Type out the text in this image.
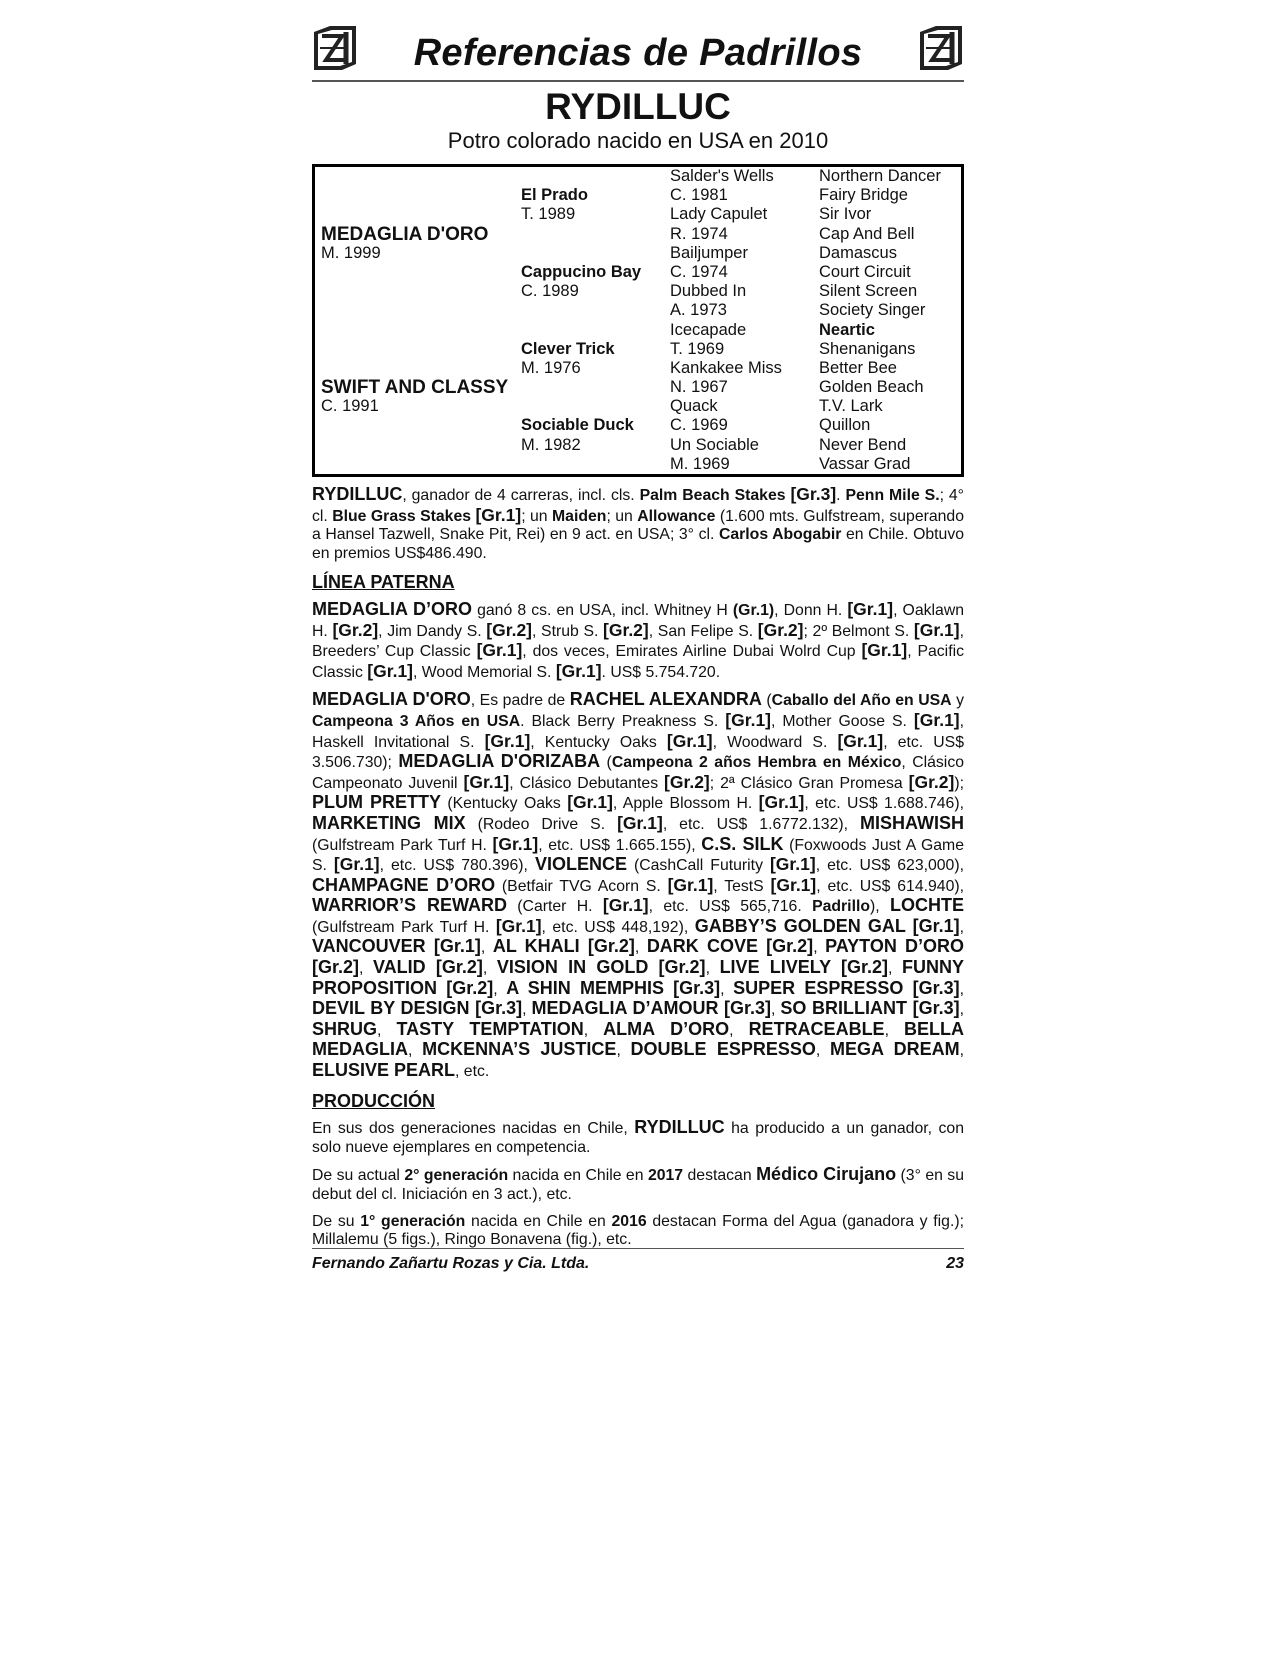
Referencias de Padrillos
RYDILLUC
Potro colorado nacido en USA en 2010
		Salder's Wells	Northern Dancer
	El Prado	C. 1981	Fairy Bridge
	T. 1989	Lady Capulet	Sir Ivor
MEDAGLIA D'ORO		R. 1974	Cap And Bell
M. 1999		Bailjumper	Damascus
	Cappucino Bay	C. 1974	Court Circuit
	C. 1989	Dubbed In	Silent Screen
		A. 1973	Society Singer
		Icecapade	Neartic
	Clever Trick	T. 1969	Shenanigans
	M. 1976	Kankakee Miss	Better Bee
SWIFT AND CLASSY		N. 1967	Golden Beach
C. 1991		Quack	T.V. Lark
	Sociable Duck	C. 1969	Quillon
	M. 1982	Un Sociable	Never Bend
		M. 1969	Vassar Grad

RYDILLUC, ganador de 4 carreras, incl. cls. Palm Beach Stakes [Gr.3]. Penn Mile S.; 4° cl. Blue Grass Stakes [Gr.1]; un Maiden; un Allowance (1.600 mts. Gulfstream, superando a Hansel Tazwell, Snake Pit, Rei) en 9 act. en USA; 3° cl. Carlos Abogabir en Chile. Obtuvo en premios US$486.490.

LÍNEA PATERNA

MEDAGLIA D’ORO ganó 8 cs. en USA, incl. Whitney H (Gr.1), Donn H. [Gr.1], Oaklawn H. [Gr.2], Jim Dandy S. [Gr.2], Strub S. [Gr.2], San Felipe S. [Gr.2]; 2º Belmont S. [Gr.1], Breeders’ Cup Classic [Gr.1], dos veces, Emirates Airline Dubai Wolrd Cup [Gr.1], Pacific Classic [Gr.1], Wood Memorial S. [Gr.1]. US$ 5.754.720.

MEDAGLIA D'ORO, Es padre de RACHEL ALEXANDRA (Caballo del Año en USA y Campeona 3 Años en USA. Black Berry Preakness S. [Gr.1], Mother Goose S. [Gr.1], Haskell Invitational S. [Gr.1], Kentucky Oaks [Gr.1], Woodward S. [Gr.1], etc. US$ 3.506.730); MEDAGLIA D'ORIZABA (Campeona 2 años Hembra en México, Clásico Campeonato Juvenil [Gr.1], Clásico Debutantes [Gr.2]; 2ª Clásico Gran Promesa [Gr.2]); PLUM PRETTY (Kentucky Oaks [Gr.1], Apple Blossom H. [Gr.1], etc. US$ 1.688.746), MARKETING MIX (Rodeo Drive S. [Gr.1], etc. US$ 1.6772.132), MISHAWISH (Gulfstream Park Turf H. [Gr.1], etc. US$ 1.665.155), C.S. SILK (Foxwoods Just A Game S. [Gr.1], etc. US$ 780.396), VIOLENCE (CashCall Futurity [Gr.1], etc. US$ 623,000), CHAMPAGNE D’ORO (Betfair TVG Acorn S. [Gr.1], TestS [Gr.1], etc. US$ 614.940), WARRIOR’S REWARD (Carter H. [Gr.1], etc. US$ 565,716. Padrillo), LOCHTE (Gulfstream Park Turf H. [Gr.1], etc. US$ 448,192), GABBY’S GOLDEN GAL [Gr.1], VANCOUVER [Gr.1], AL KHALI [Gr.2], DARK COVE [Gr.2], PAYTON D’ORO [Gr.2], VALID [Gr.2], VISION IN GOLD [Gr.2], LIVE LIVELY [Gr.2], FUNNY PROPOSITION [Gr.2], A SHIN MEMPHIS [Gr.3], SUPER ESPRESSO [Gr.3], DEVIL BY DESIGN [Gr.3], MEDAGLIA D’AMOUR [Gr.3], SO BRILLIANT [Gr.3], SHRUG, TASTY TEMPTATION, ALMA D’ORO, RETRACEABLE, BELLA MEDAGLIA, MCKENNA’S JUSTICE, DOUBLE ESPRESSO, MEGA DREAM, ELUSIVE PEARL, etc.

PRODUCCIÓN

En sus dos generaciones nacidas en Chile, RYDILLUC ha producido a un ganador, con solo nueve ejemplares en competencia.

De su actual 2° generación nacida en Chile en 2017 destacan Médico Cirujano (3° en su debut del cl. Iniciación en 3 act.), etc.

De su 1° generación nacida en Chile en 2016 destacan Forma del Agua (ganadora y fig.); Millalemu (5 figs.), Ringo Bonavena (fig.), etc.

Fernando Zañartu Rozas y Cia. Ltda.	23
